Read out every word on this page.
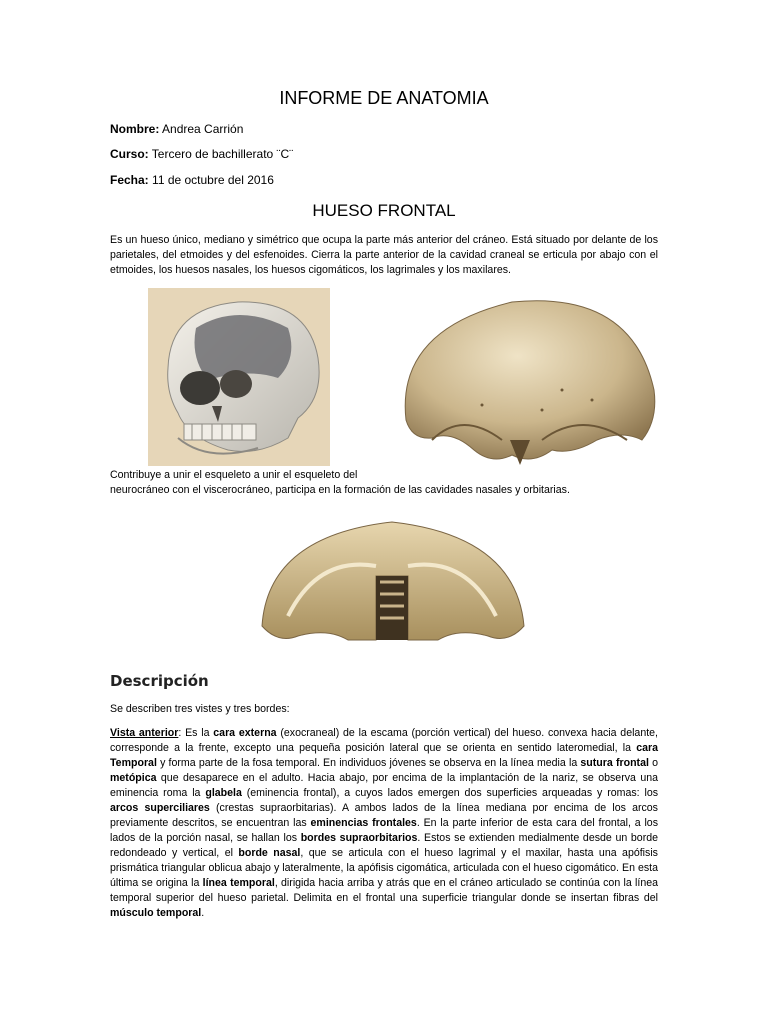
INFORME DE ANATOMIA
Nombre: Andrea Carrión
Curso: Tercero de bachillerato ¨C¨
Fecha: 11 de octubre del 2016
HUESO FRONTAL
Es un hueso único, mediano y simétrico que ocupa la parte más anterior del cráneo. Está situado por delante de los parietales, del etmoides y del esfenoides. Cierra la parte anterior de la cavidad craneal se erticula por abajo con el etmoides, los huesos nasales, los huesos cigomáticos, los lagrimales y los maxilares.
Contribuye a unir el esqueleto a unir el esqueleto del
neurocráneo con el viscerocráneo, participa en la formación de las cavidades nasales y orbitarias.
Descripción
Se describen tres vistes y tres bordes:
Vista anterior: Es la cara externa (exocraneal) de la escama (porción vertical) del hueso. convexa hacia delante, corresponde a la frente, excepto una pequeña posición lateral que se orienta en sentido lateromedial, la cara Temporal y forma parte de la fosa temporal. En individuos jóvenes se observa en la línea media la sutura frontal o metópica que desaparece en el adulto. Hacia abajo, por encima de la implantación de la nariz, se observa una eminencia roma la glabela (eminencia frontal), a cuyos lados emergen dos superficies arqueadas y romas: los arcos superciliares (crestas supraorbitarias). A ambos lados de la línea mediana por encima de los arcos previamente descritos, se encuentran las eminencias frontales. En la parte inferior de esta cara del frontal, a los lados de la porción nasal, se hallan los bordes supraorbitarios. Estos se extienden medialmente desde un borde redondeado y vertical, el borde nasal, que se articula con el hueso lagrimal y el maxilar, hasta una apófisis prismática triangular oblicua abajo y lateralmente, la apófisis cigomática, articulada con el hueso cigomático. En esta última se origina la línea temporal, dirigida hacia arriba y atrás que en el cráneo articulado se continúa con la línea temporal superior del hueso parietal. Delimita en el frontal una superficie triangular donde se insertan fibras del músculo temporal.
